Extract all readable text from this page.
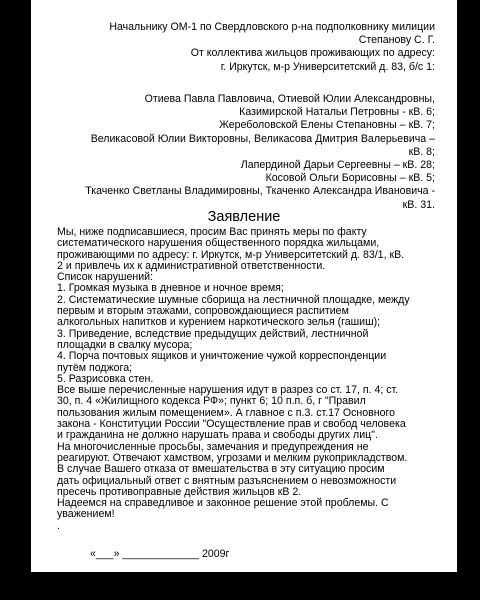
Начальнику ОМ-1 по Свердловского р-на подполковнику милиции
Степанову С. Г.
От коллектива жильцов проживающих по адресу:
г. Иркутск, м-р Университетский д. 83, б/с 1:
Отиева Павла Павловича, Отиевой Юлии Александровны,
Казимирской Натальи Петровны - кВ. 6;
Жереболовской Елены Степановны – кВ. 7;
Великасовой Юлии Викторовны, Великасова Дмитрия Валерьевича –
кВ. 8;
Лаперд​иной Дарьи Сергеевны – кВ. 28;
Косовой Ольги Борисовны – кВ. 5;
Ткаченко Светланы Владимировны, Ткаченко Александра Ивановича -
кВ. 31.
Заявление
«___» _____________ 2009г
Мы, ниже подписавшиеся, просим Вас принять меры по факту
систематического нарушения общественного порядка жильцами,
проживающими по адресу: г. Иркутск, м-р Университетский д. 83/1, кВ.
2 и привлечь их к административной ответственности.
Список нарушений:
1. Громкая музыка в дневное и ночное время;
2. Систематические шумные сборища на лестничной площадке, между
первым и вторым этажами, сопровождающиеся распитием
алкогольных напитков и курением наркотического зелья (гашиш);
3. Приведение, вследствие предыдущих действий, лестничной
площадки в свалку мусора;
4. Порча почтовых ящиков и уничтожение чужой корреспонденции
путём поджога;
5. Разрисовка стен.
Все выше перечисленные нарушения идут в разрез со ст. 17, п. 4; ст.
30, п. 4 «Жилищного кодекса РФ»; пункт 6; 10 п.п. б, г "Правил
пользования жилым помещением». А главное с п.3. ст.17 Основного
закона - Конституции России "Осуществление прав и свобод человека
и гражданина не должно нарушать права и свободы других лиц".
На многочисленные просьбы, замечания и предупреждения не
реагируют. Отвечают хамством, угрозами и мелким рукоприкладством.
В случае Вашего отказа от вмешательства в эту ситуацию просим
дать официальный ответ с внятным разъяснением о невозможности
пресечь противоправные действия жильцов кВ 2.
Надеемся на справедливое и законное решение этой проблемы. С
уважением!
.
